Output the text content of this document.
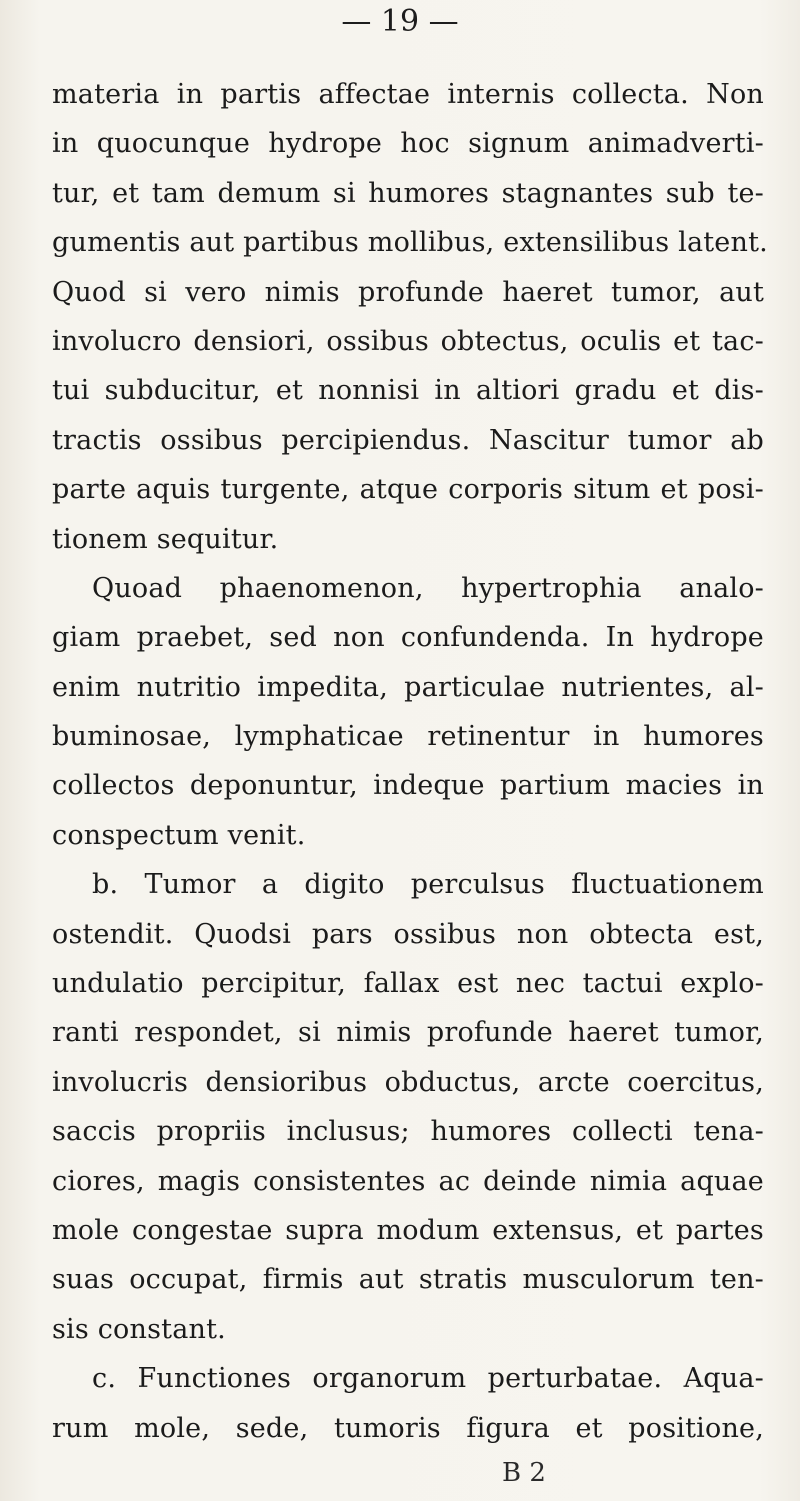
— 19 —
materia in partis affectae internis collecta. Non
in quocunque hydrope hoc signum animadverti-
tur, et tam demum si humores stagnantes sub te-
gumentis aut partibus mollibus, extensilibus latent.
Quod si vero nimis profunde haeret tumor, aut
involucro densiori, ossibus obtectus, oculis et tac-
tui subducitur, et nonnisi in altiori gradu et dis-
tractis ossibus percipiendus. Nascitur tumor ab
parte aquis turgente, atque corporis situm et posi-
tionem sequitur.
Quoad phaenomenon, hypertrophia analo-
giam praebet, sed non confundenda. In hydrope
enim nutritio impedita, particulae nutrientes, al-
buminosae, lymphaticae retinentur in humores
collectos deponuntur, indeque partium macies in
conspectum venit.
b. Tumor a digito perculsus fluctuationem
ostendit. Quodsi pars ossibus non obtecta est,
undulatio percipitur, fallax est nec tactui explo-
ranti respondet, si nimis profunde haeret tumor,
involucris densioribus obductus, arcte coercitus,
saccis propriis inclusus; humores collecti tena-
ciores, magis consistentes ac deinde nimia aquae
mole congestae supra modum extensus, et partes
suas occupat, firmis aut stratis musculorum ten-
sis constant.
c. Functiones organorum perturbatae. Aqua-
rum mole, sede, tumoris figura et positione,
B 2
